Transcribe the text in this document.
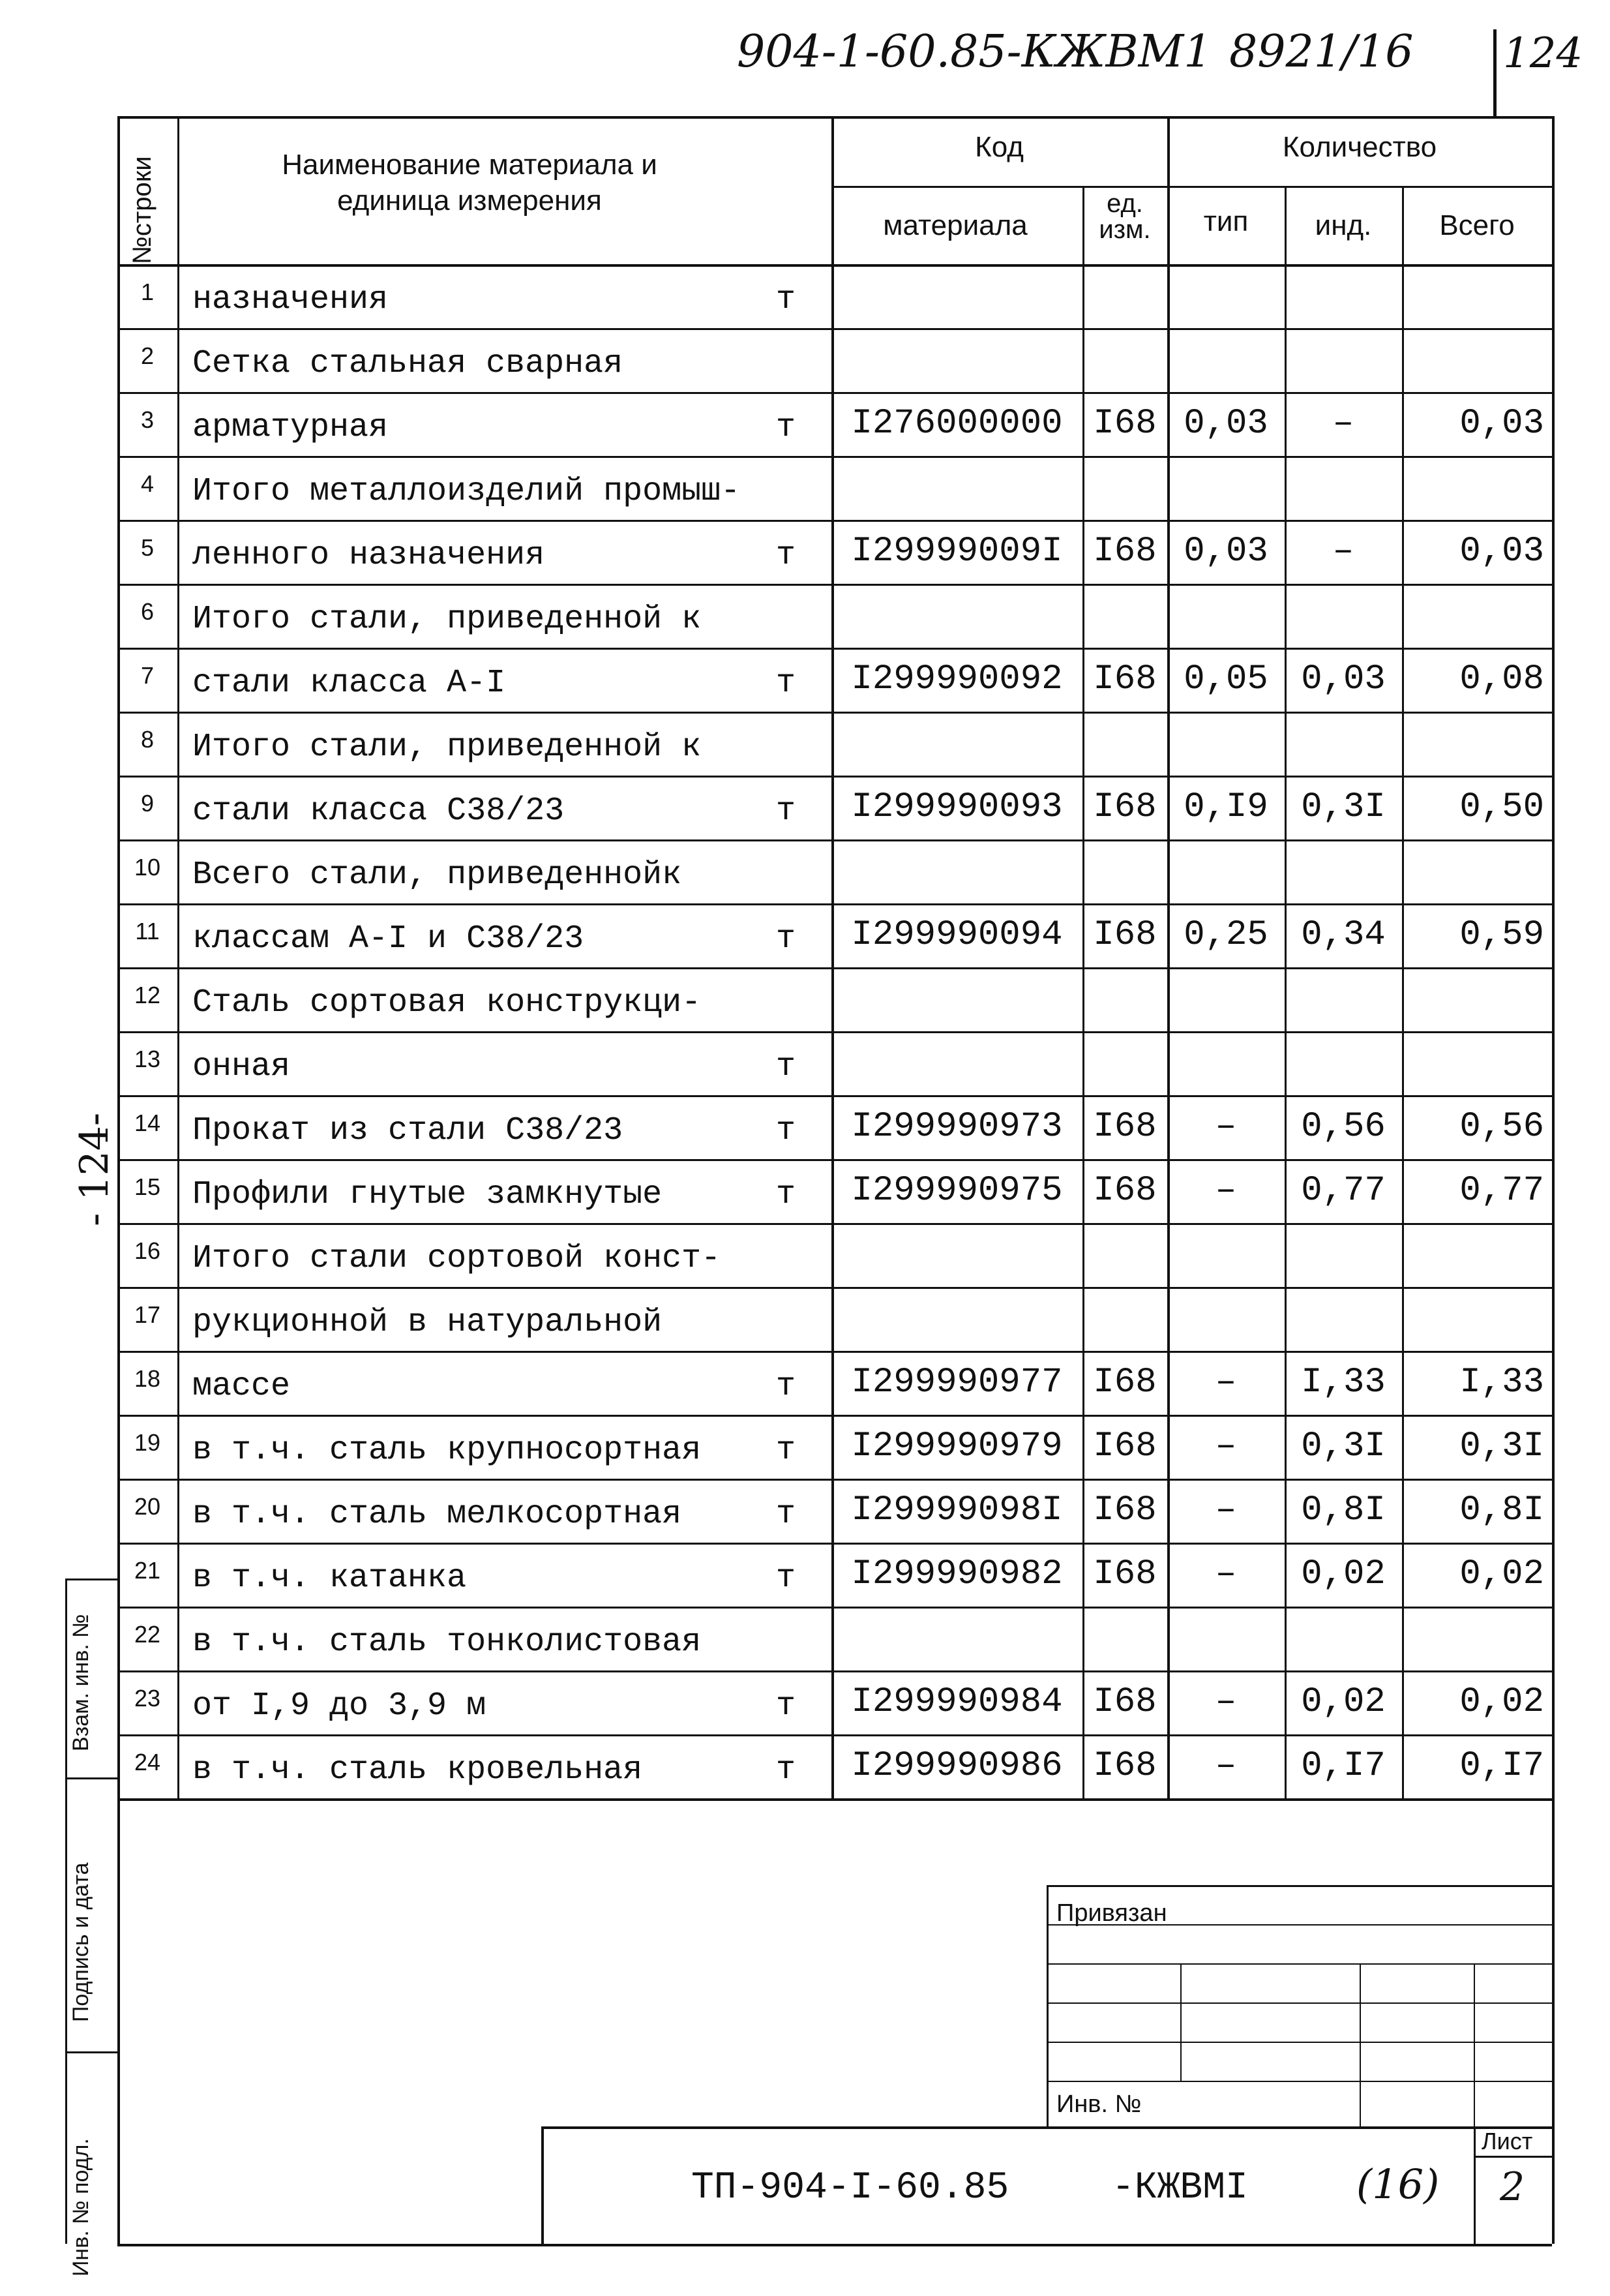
904-1-60.85-КЖВМ1 8921/16 124
№строки	Наименование материала и единица измерения
Код
материала
ед. изм.
Количество
тип	инд.	Всего
1	назначения	т
2	Сетка стальная сварная
3	арматурная	т	I276000000 I68 0,03	–	0,03
4	Итого металлоизделий промыш-
5	ленного назначения	т	I29999009I I68 0,03	–	0,03
6	Итого стали, приведенной к
7	стали класса А-I	т	I299990092 I68 0,05 0,03	0,08
8	Итого стали, приведенной к
9	стали класса С38/23	т	I299990093 I68 0,I9 0,3I	0,50
10 Всего стали, приведеннойк
11	классам А-I и С38/23	т	I299990094 I68 0,25 0,34	0,59
12 Сталь сортовая конструкци-
13 онная	т
14 Прокат из стали С38/23	т	I299990973 I68	–	0,56	0,56
15 Профили гнутые замкнутые	т	I299990975 I68	–	0,77	0,77
16 Итого стали сортовой конст-
17 рукционной в натуральной
18 массе	т	I299990977 I68	–	I,33	I,33
19 в т.ч. сталь крупносортная	т	I299990979 I68	–	0,3I	0,3I
20 в т.ч. сталь мелкосортная	т	I29999098I I68	–	0,8I	0,8I
21 в т.ч. катанка	т	I299990982 I68	–	0,02	0,02
22 в т.ч. сталь тонколистовая
23 от I,9 до 3,9 м	т	I299990984 I68	–	0,02	0,02
24 в т.ч. сталь кровельная	т	I299990986 I68	–	0,I7	0,I7
- 124-
Взам. инв. №
Подпись и дата
Инв. № подл.
Привязан
Инв. №
ТП-904-I-60.85	-КЖВМI	(16)
Лист
2
